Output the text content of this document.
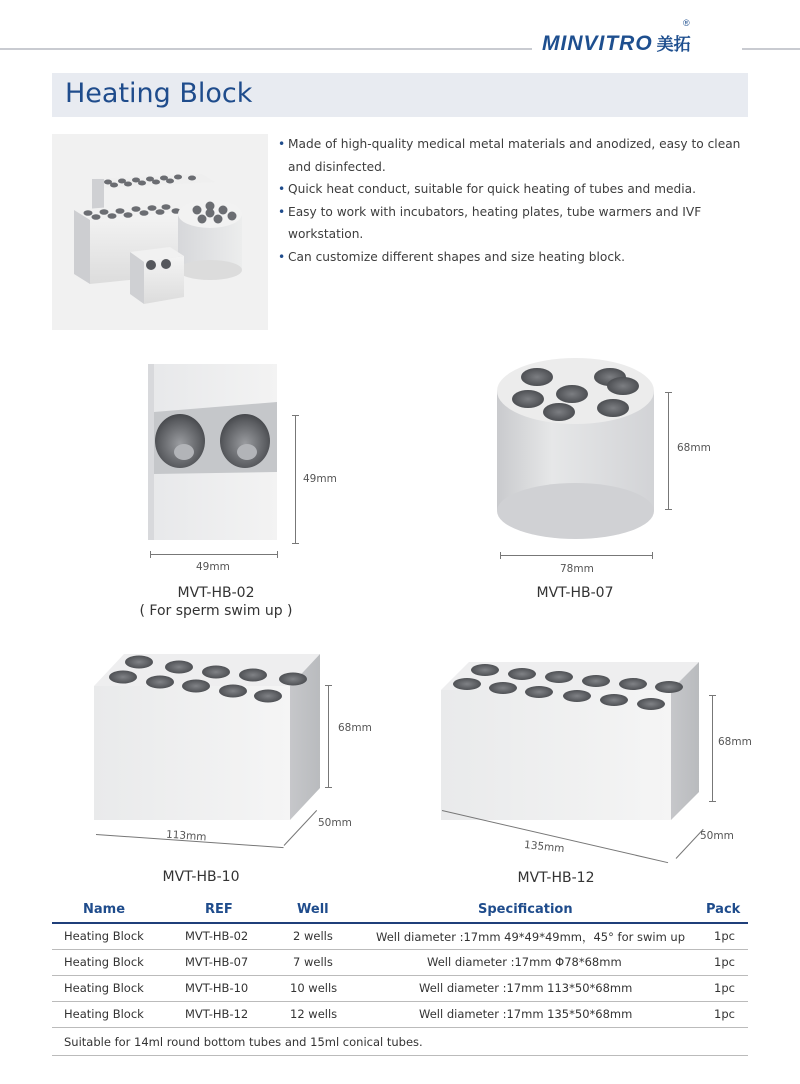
MINVITRO 美拓
®
Heating Block
• Made of high-quality medical metal materials and anodized, easy to clean and disinfected.
• Quick heat conduct, suitable for quick heating of tubes and media.
• Easy to work with incubators, heating plates, tube warmers and IVF workstation.
• Can customize different shapes and size heating block.
49mm
49mm
MVT-HB-02
( For sperm swim up )
68mm
78mm
MVT-HB-07
68mm
113mm
50mm
MVT-HB-10
68mm
135mm
50mm
MVT-HB-12
Name	REF	Well	Specification	Pack
Heating Block	MVT-HB-02	2 wells	Well diameter :17mm 49*49*49mm，45° for swim up	1pc
Heating Block	MVT-HB-07	7 wells	Well diameter :17mm Φ78*68mm	1pc
Heating Block	MVT-HB-10	10 wells	Well diameter :17mm 113*50*68mm	1pc
Heating Block	MVT-HB-12	12 wells	Well diameter :17mm 135*50*68mm	1pc
Suitable for 14ml round bottom tubes and 15ml conical tubes.
